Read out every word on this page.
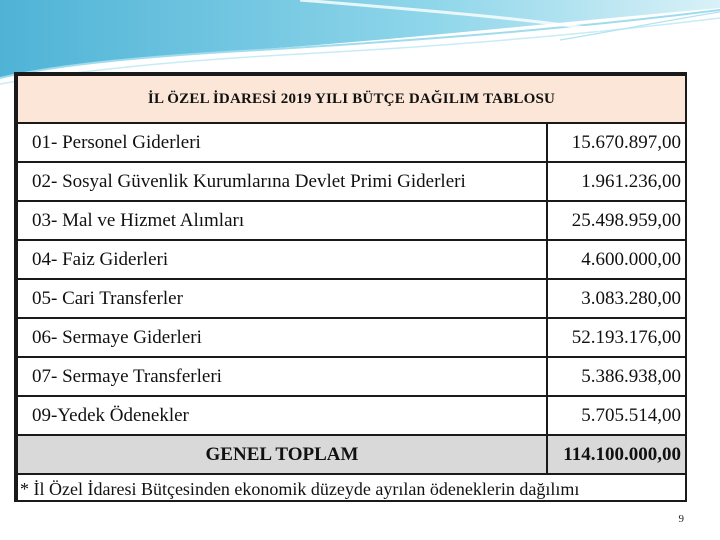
İL ÖZEL İDARESİ 2019 YILI BÜTÇE DAĞILIM TABLOSU	
01- Personel Giderleri	15.670.897,00
02- Sosyal Güvenlik Kurumlarına Devlet Primi Giderleri	1.961.236,00
03- Mal ve Hizmet Alımları	25.498.959,00
04- Faiz Giderleri	4.600.000,00
05- Cari Transferler	3.083.280,00
06- Sermaye Giderleri	52.193.176,00
07- Sermaye Transferleri	5.386.938,00
09-Yedek Ödenekler	5.705.514,00
GENEL TOPLAM	114.100.000,00
* İl Özel İdaresi Bütçesinden ekonomik düzeyde ayrılan ödeneklerin dağılımı	
9
